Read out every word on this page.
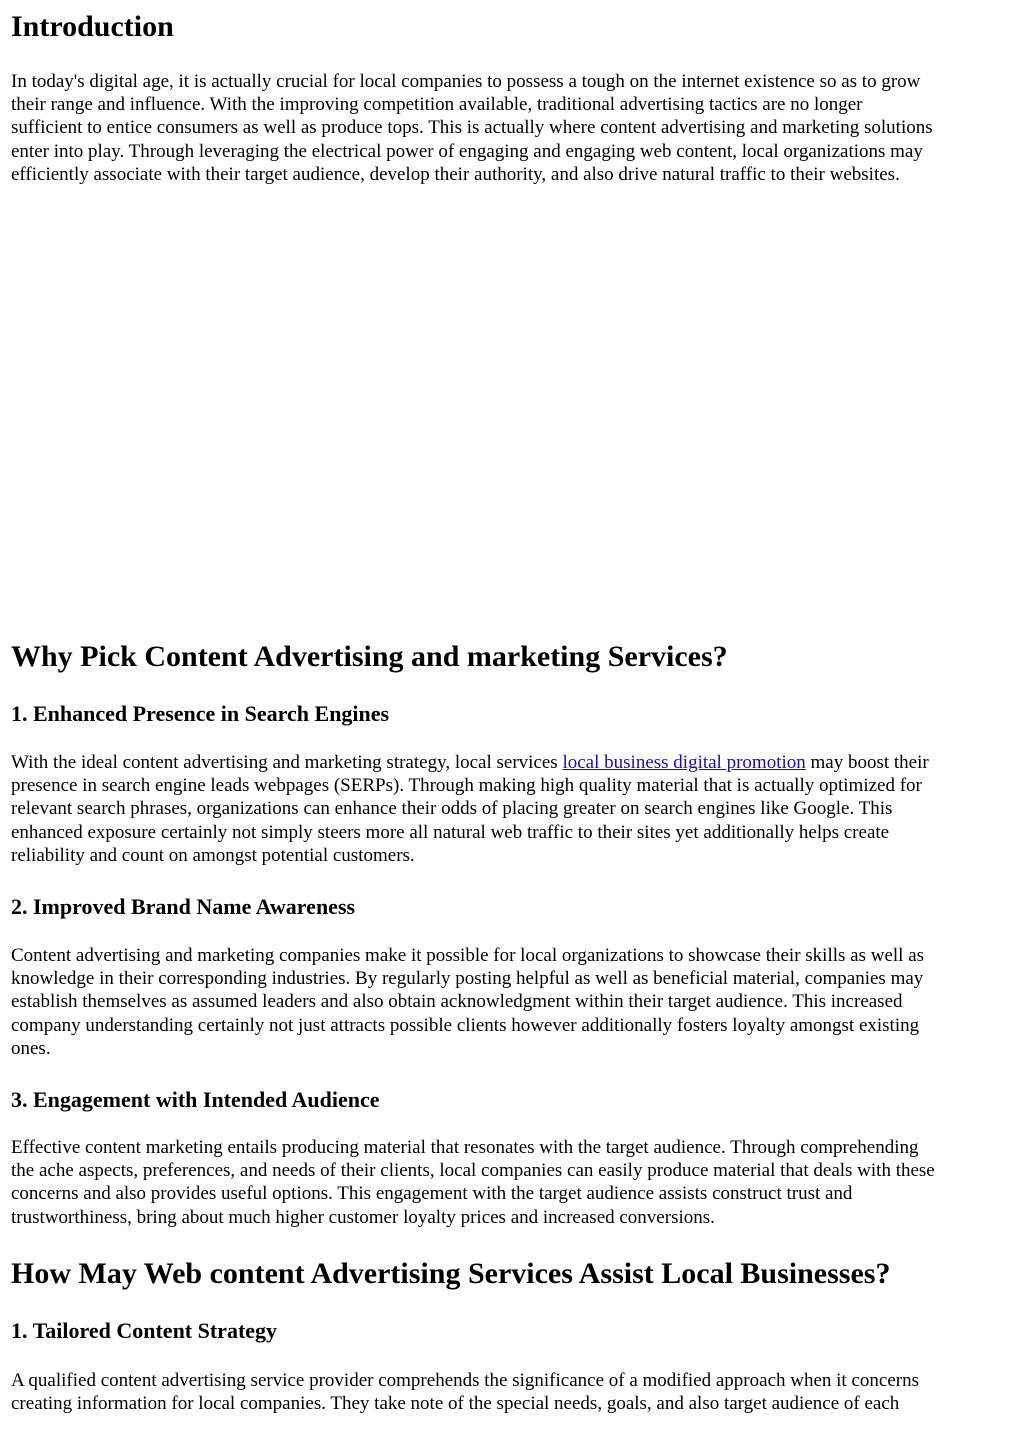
Introduction
In today's digital age, it is actually crucial for local companies to possess a tough on the internet existence so as to grow
their range and influence. With the improving competition available, traditional advertising tactics are no longer
sufficient to entice consumers as well as produce tops. This is actually where content advertising and marketing solutions
enter into play. Through leveraging the electrical power of engaging and engaging web content, local organizations may
efficiently associate with their target audience, develop their authority, and also drive natural traffic to their websites.
Why Pick Content Advertising and marketing Services?
1. Enhanced Presence in Search Engines
With the ideal content advertising and marketing strategy, local services local business digital promotion may boost their
presence in search engine leads webpages (SERPs). Through making high quality material that is actually optimized for
relevant search phrases, organizations can enhance their odds of placing greater on search engines like Google. This
enhanced exposure certainly not simply steers more all natural web traffic to their sites yet additionally helps create
reliability and count on amongst potential customers.
2. Improved Brand Name Awareness
Content advertising and marketing companies make it possible for local organizations to showcase their skills as well as
knowledge in their corresponding industries. By regularly posting helpful as well as beneficial material, companies may
establish themselves as assumed leaders and also obtain acknowledgment within their target audience. This increased
company understanding certainly not just attracts possible clients however additionally fosters loyalty amongst existing
ones.
3. Engagement with Intended Audience
Effective content marketing entails producing material that resonates with the target audience. Through comprehending
the ache aspects, preferences, and needs of their clients, local companies can easily produce material that deals with these
concerns and also provides useful options. This engagement with the target audience assists construct trust and
trustworthiness, bring about much higher customer loyalty prices and increased conversions.
How May Web content Advertising Services Assist Local Businesses?
1. Tailored Content Strategy
A qualified content advertising service provider comprehends the significance of a modified approach when it concerns
creating information for local companies. They take note of the special needs, goals, and also target audience of each
